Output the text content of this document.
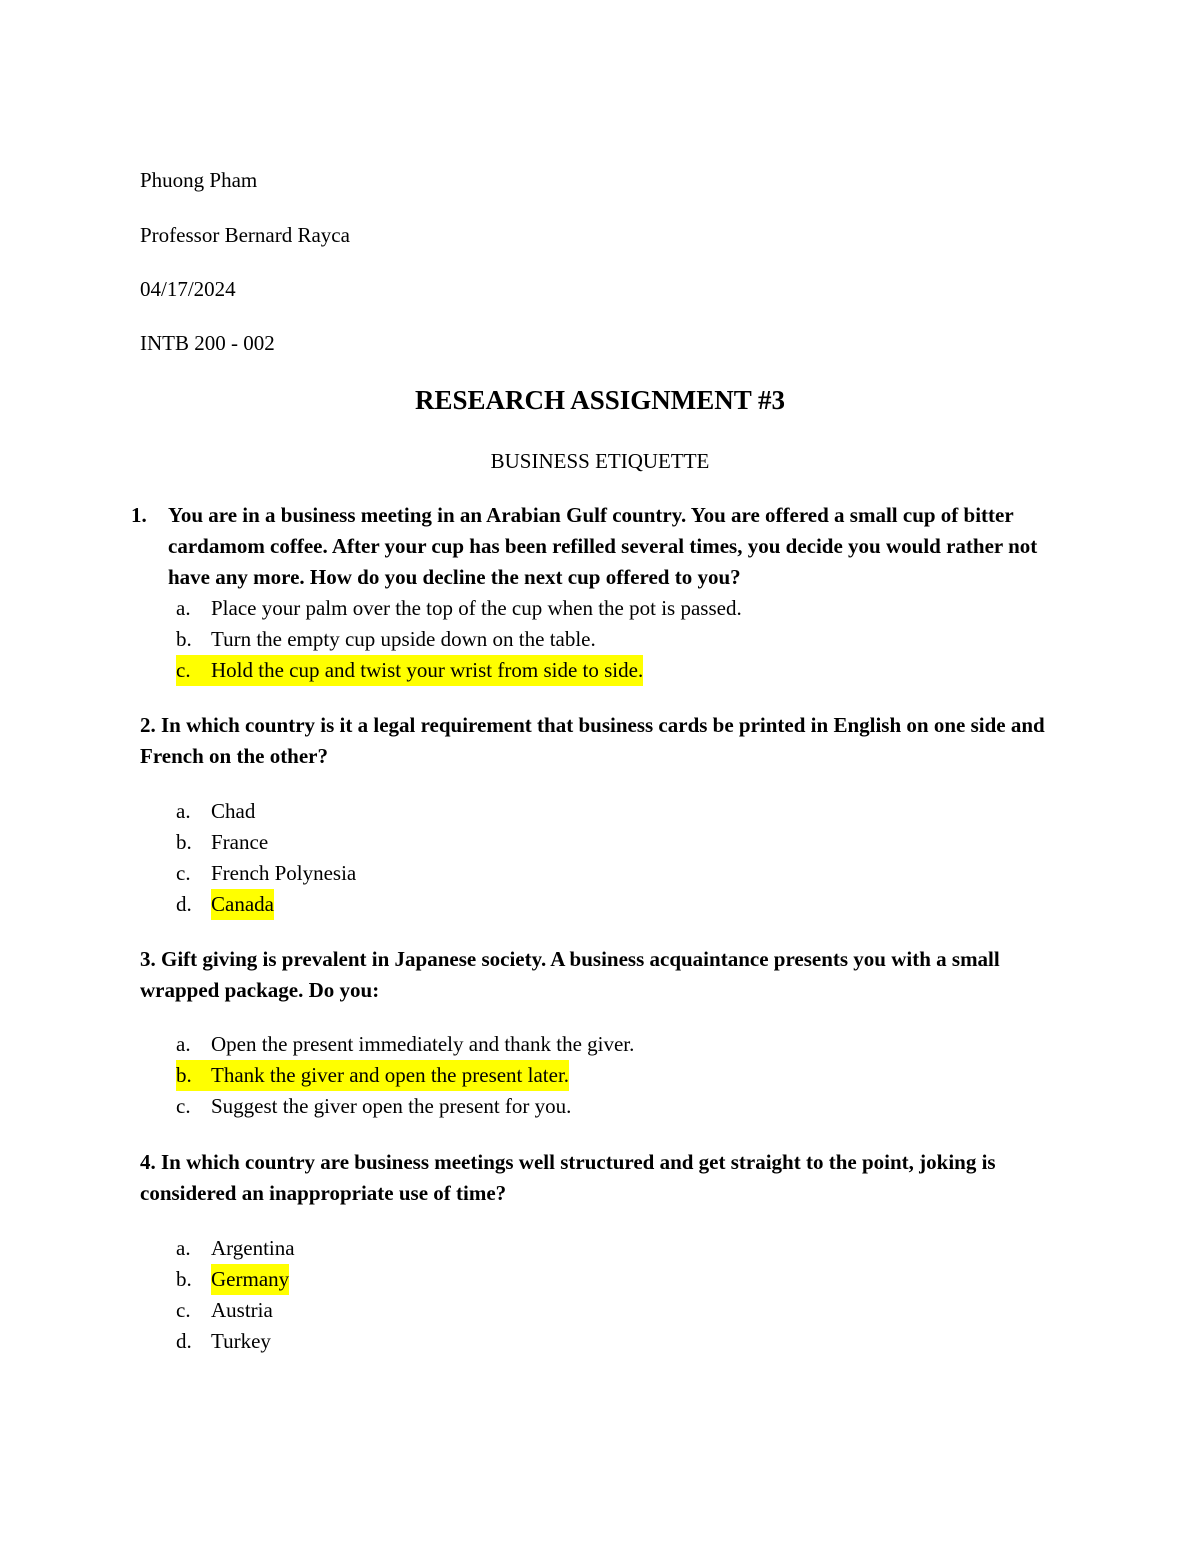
Phuong Pham
Professor Bernard Rayca
04/17/2024
INTB 200 - 002
RESEARCH ASSIGNMENT #3
BUSINESS ETIQUETTE
1. You are in a business meeting in an Arabian Gulf country. You are offered a small cup of bitter cardamom coffee. After your cup has been refilled several times, you decide you would rather not have any more. How do you decline the next cup offered to you?
a. Place your palm over the top of the cup when the pot is passed.
b. Turn the empty cup upside down on the table.
c. Hold the cup and twist your wrist from side to side.
2. In which country is it a legal requirement that business cards be printed in English on one side and French on the other?
a. Chad
b. France
c. French Polynesia
d. Canada
3. Gift giving is prevalent in Japanese society. A business acquaintance presents you with a small wrapped package. Do you:
a. Open the present immediately and thank the giver.
b. Thank the giver and open the present later.
c. Suggest the giver open the present for you.
4. In which country are business meetings well structured and get straight to the point, joking is considered an inappropriate use of time?
a. Argentina
b. Germany
c. Austria
d. Turkey
